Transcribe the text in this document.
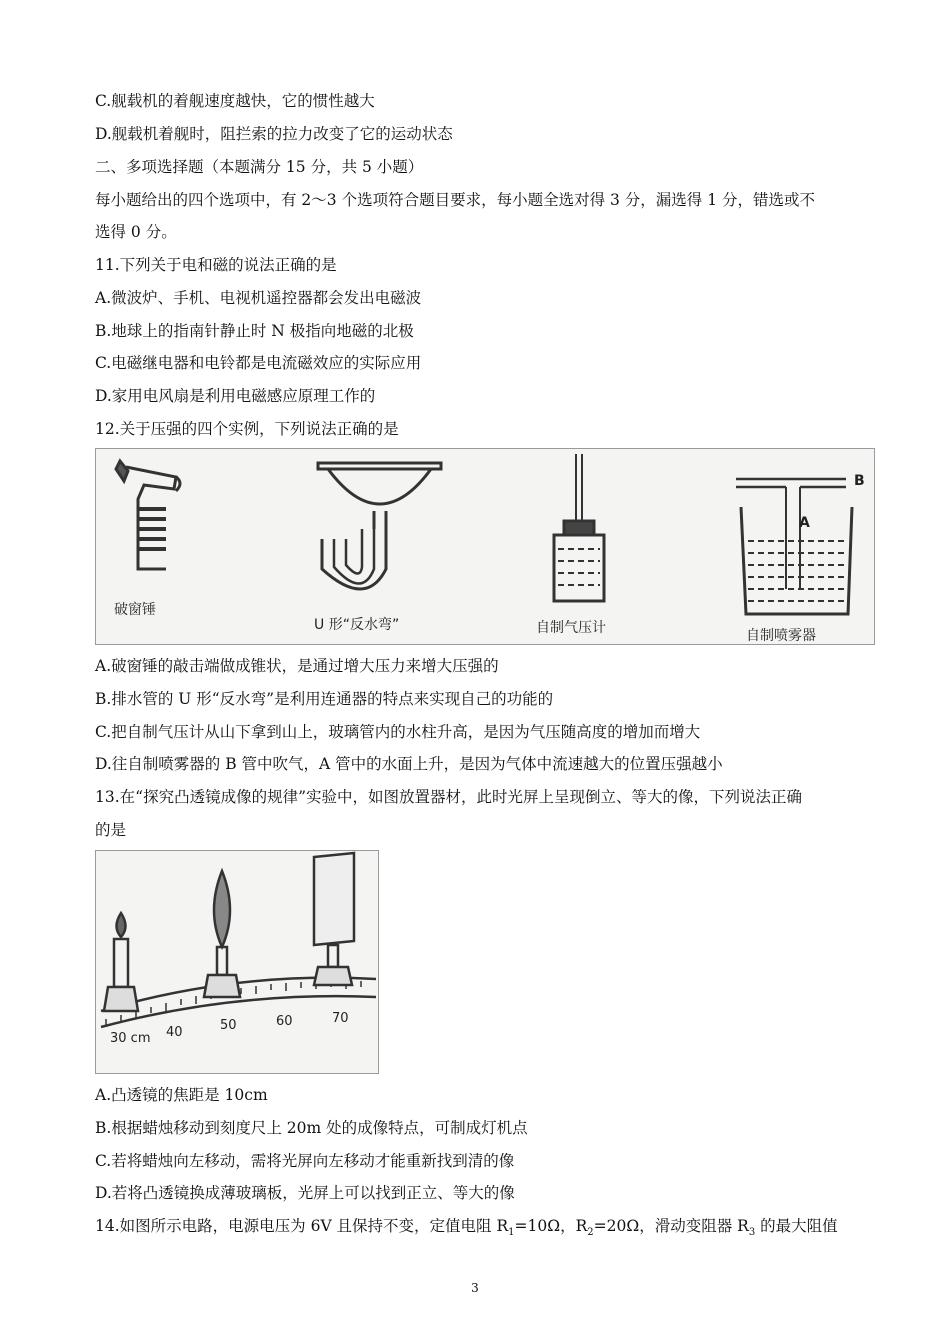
C.舰载机的着舰速度越快，它的惯性越大
D.舰载机着舰时，阻拦索的拉力改变了它的运动状态
二、多项选择题（本题满分 15 分，共 5 小题）
每小题给出的四个选项中，有 2～3 个选项符合题目要求，每小题全选对得 3 分，漏选得 1 分，错选或不
选得 0 分。
11.下列关于电和磁的说法正确的是
A.微波炉、手机、电视机遥控器都会发出电磁波
B.地球上的指南针静止时 N 极指向地磁的北极
C.电磁继电器和电铃都是电流磁效应的实际应用
D.家用电风扇是利用电磁感应原理工作的
12.关于压强的四个实例，下列说法正确的是
破窗锤
U 形“反水弯”	自制气压计	自制喷雾器
B
A
A.破窗锤的敲击端做成锥状，是通过增大压力来增大压强的
B.排水管的 U 形“反水弯”是利用连通器的特点来实现自己的功能的
C.把自制气压计从山下拿到山上，玻璃管内的水柱升高，是因为气压随高度的增加而增大
D.往自制喷雾器的 B 管中吹气，A 管中的水面上升，是因为气体中流速越大的位置压强越小
13.在“探究凸透镜成像的规律”实验中，如图放置器材，此时光屏上呈现倒立、等大的像，下列说法正确
的是
30 cm 40	50	60	70
A.凸透镜的焦距是 10cm
B.根据蜡烛移动到刻度尺上 20m 处的成像特点，可制成灯机点
C.若将蜡烛向左移动，需将光屏向左移动才能重新找到清的像
D.若将凸透镜换成薄玻璃板，光屏上可以找到正立、等大的像
14.如图所示电路，电源电压为 6V 且保持不变，定值电阻 $R_1=10\Omega$，$R_2=20\Omega$，滑动变阻器 $R_3$ 的最大阻值
3
